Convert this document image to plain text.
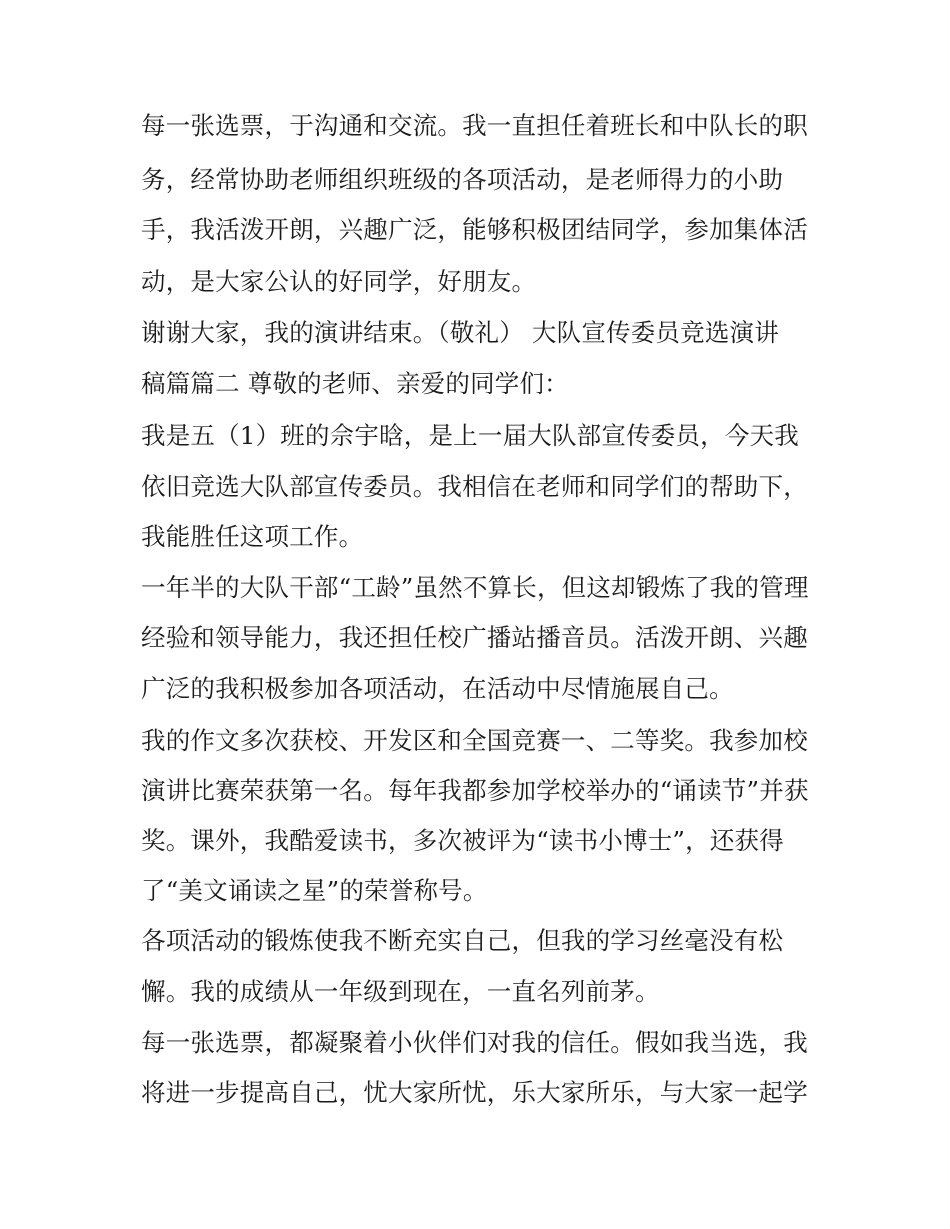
每一张选票，于沟通和交流。我一直担任着班长和中队长的职
务，经常协助老师组织班级的各项活动，是老师得力的小助
手，我活泼开朗，兴趣广泛，能够积极团结同学，参加集体活
动，是大家公认的好同学，好朋友。
谢谢大家，我的演讲结束。（敬礼） 大队宣传委员竞选演讲
稿篇篇二 尊敬的老师、亲爱的同学们：
我是五（1）班的佘宇晗，是上一届大队部宣传委员，今天我
依旧竞选大队部宣传委员。我相信在老师和同学们的帮助下，
我能胜任这项工作。
一年半的大队干部“工龄”虽然不算长，但这却锻炼了我的管理
经验和领导能力，我还担任校广播站播音员。活泼开朗、兴趣
广泛的我积极参加各项活动，在活动中尽情施展自己。
我的作文多次获校、开发区和全国竞赛一、二等奖。我参加校
演讲比赛荣获第一名。每年我都参加学校举办的“诵读节”并获
奖。课外，我酷爱读书，多次被评为“读书小博士”，还获得
了“美文诵读之星”的荣誉称号。
各项活动的锻炼使我不断充实自己，但我的学习丝毫没有松
懈。我的成绩从一年级到现在，一直名列前茅。
每一张选票，都凝聚着小伙伴们对我的信任。假如我当选，我
将进一步提高自己，忧大家所忧，乐大家所乐，与大家一起学
